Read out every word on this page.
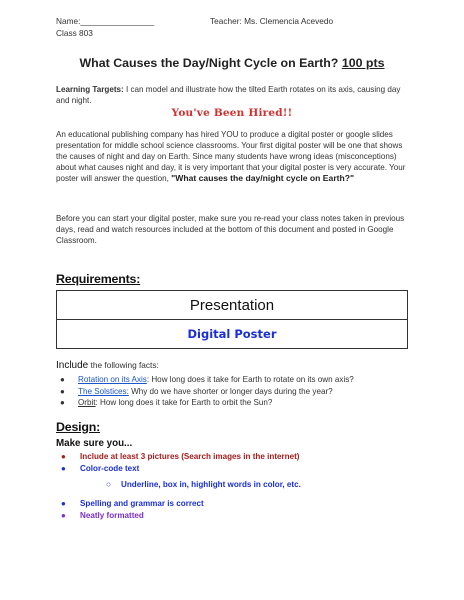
Name:________________	Teacher: Ms. Clemencia Acevedo
Class 803
What Causes the Day/Night Cycle on Earth? 100 pts
Learning Targets: I can model and illustrate how the tilted Earth rotates on its axis, causing day and night.
You've Been Hired!!
An educational publishing company has hired YOU to produce a digital poster or google slides presentation for middle school science classrooms. Your first digital poster will be one that shows the causes of night and day on Earth. Since many students have wrong ideas (misconceptions) about what causes night and day, it is very important that your digital poster is very accurate. Your poster will answer the question, "What causes the day/night cycle on Earth?"
Before you can start your digital poster, make sure you re-read your class notes taken in previous days, read and watch resources included at the bottom of this document and posted in Google Classroom.
Requirements:
Presentation
Digital Poster
Include the following facts:
● Rotation on its Axis: How long does it take for Earth to rotate on its own axis?
● The Solstices: Why do we have shorter or longer days during the year?
● Orbit: How long does it take for Earth to orbit the Sun?
Design:
Make sure you...
● Include at least 3 pictures (Search images in the internet)
● Color-code text
○ Underline, box in, highlight words in color, etc.
● Spelling and grammar is correct
● Neatly formatted
